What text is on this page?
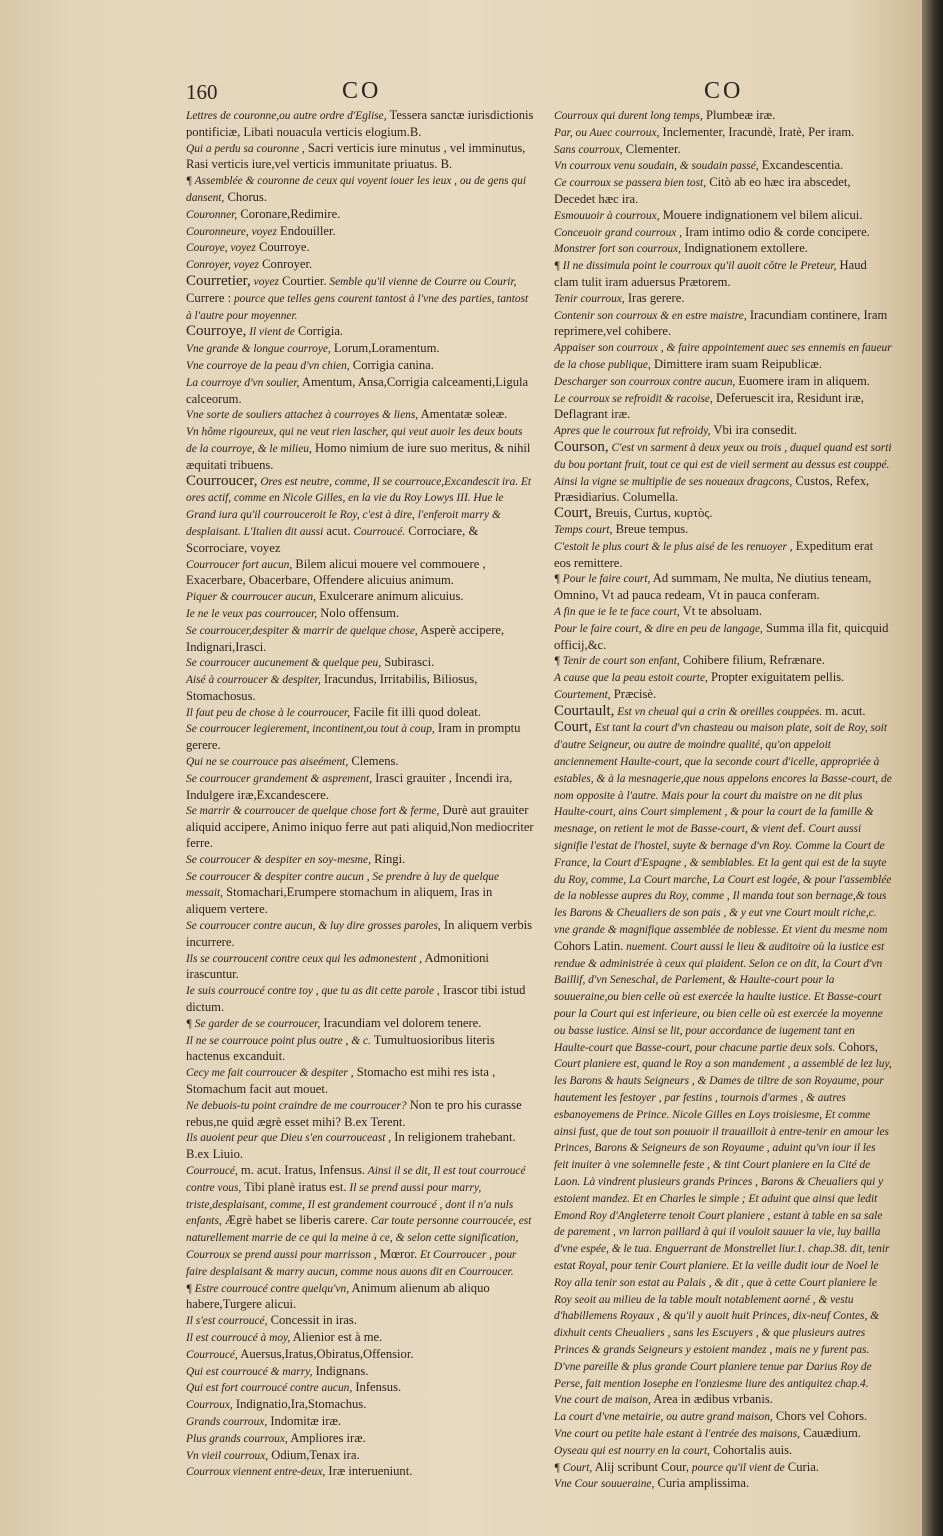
160	CO	CO

Lettres de couronne,ou autre ordre d'Eglise, Tessera sanctæ iurisdictionis pontificiæ, Libati nouacula verticis elogium.B.

Qui a perdu sa couronne , Sacri verticis iure minutus , vel imminutus, Rasi verticis iure,vel verticis immunitate priuatus. B.

¶ Assemblée & couronne de ceux qui voyent iouer les ieux , ou de gens qui dansent, Chorus.

Couronner, Coronare,Redimire.

Couronneure, voyez Endouiller.

Couroye, voyez Courroye.

Conroyer, voyez Conroyer.

Courretier, voyez Courtier. Semble qu'il vienne de Courre ou Courir, Currere : pource que telles gens courent tantost à l'vne des parties, tantost à l'autre pour moyenner.

Courroye, Il vient de Corrigia.

Vne grande & longue courroye, Lorum,Loramentum.

Vne courroye de la peau d'vn chien, Corrigia canina.

La courroye d'vn soulier, Amentum, Ansa,Corrigia calceamenti,Ligula calceorum.

Vne sorte de souliers attachez à courroyes & liens, Amentatæ soleæ.

Vn hôme rigoureux, qui ne veut rien lascher, qui veut auoir les deux bouts de la courroye, & le milieu, Homo nimium de iure suo meritus, & nihil æquitati tribuens.

Courroucer, Ores est neutre, comme, Il se courrouce,Excandescit ira. Et ores actif, comme en Nicole Gilles, en la vie du Roy Lowys III. Hue le Grand iura qu'il courrouceroit le Roy, c'est à dire, l'enferoit marry & desplaisant. L'Italien dit aussi acut. Courroucé. Corrociare, & Scorrociare, voyez

Courroucer fort aucun, Bilem alicui mouere vel commouere , Exacerbare, Obacerbare, Offendere alicuius animum.

Piquer & courroucer aucun, Exulcerare animum alicuius.

Ie ne le veux pas courroucer, Nolo offensum.

Se courroucer,despiter & marrir de quelque chose, Asperè accipere, Indignari,Irasci.

Se courroucer aucunement & quelque peu, Subirasci.

Aisé à courroucer & despiter, Iracundus, Irritabilis, Biliosus, Stomachosus.

Il faut peu de chose à le courroucer, Facile fit illi quod doleat.

Se courroucer legierement, incontinent,ou tout à coup, Iram in promptu gerere.

Qui ne se courrouce pas aiseément, Clemens.

Se courroucer grandement & asprement, Irasci grauiter , Incendi ira, Indulgere iræ,Excandescere.

Se marrir & courroucer de quelque chose fort & ferme, Durè aut grauiter aliquid accipere, Animo iniquo ferre aut pati aliquid,Non mediocriter ferre.

Se courroucer & despiter en soy-mesme, Ringi.

Se courroucer & despiter contre aucun , Se prendre à luy de quelque messait, Stomachari,Erumpere stomachum in aliquem, Iras in aliquem vertere.

Se courroucer contre aucun, & luy dire grosses paroles, In aliquem verbis incurrere.

Ils se courroucent contre ceux qui les admonestent , Admonitioni irascuntur.

Ie suis courroucé contre toy , que tu as dit cette parole , Irascor tibi istud dictum.

¶ Se garder de se courroucer, Iracundiam vel dolorem tenere.

Il ne se courrouce point plus outre , & c. Tumultuosioribus literis hactenus excanduit.

Cecy me fait courroucer & despiter , Stomacho est mihi res ista , Stomachum facit aut mouet.

Ne debuois-tu point craindre de me courroucer? Non te pro his curasse rebus,ne quid ægrè esset mihi? B.ex Terent.

Ils auoient peur que Dieu s'en courrouceast , In religionem trahebant. B.ex Liuio.

Courroucé, m. acut. Iratus, Infensus. Ainsi il se dit, Il est tout courroucé contre vous, Tibi planè iratus est. Il se prend aussi pour marry, triste,desplaisant, comme, Il est grandement courroucé , dont il n'a nuls enfants, Ægrè habet se liberis carere. Car toute personne courroucée, est naturellement marrie de ce qui la meine à ce, & selon cette signification, Courroux se prend aussi pour marrisson , Mœror. Et Courroucer , pour faire desplaisant & marry aucun, comme nous auons dit en Courroucer.

¶ Estre courroucé contre quelqu'vn, Animum alienum ab aliquo habere,Turgere alicui.

Il s'est courroucé, Concessit in iras.

Il est courroucé à moy, Alienior est à me.

Courroucé, Auersus,Iratus,Obiratus,Offensior.

Qui est courroucé & marry, Indignans.

Qui est fort courroucé contre aucun, Infensus.

Courroux, Indignatio,Ira,Stomachus.

Grands courroux, Indomitæ iræ.

Plus grands courroux, Ampliores iræ.

Vn vieil courroux, Odium,Tenax ira.

Courroux viennent entre-deux, Iræ interueniunt.

Courroux qui durent long temps, Plumbeæ iræ.

Par, ou Auec courroux, Inclementer, Iracundè, Iratè, Per iram.

Sans courroux, Clementer.

Vn courroux venu soudain, & soudain passé, Excandescentia.

Ce courroux se passera bien tost, Citò ab eo hæc ira abscedet, Decedet hæc ira.

Esmouuoir à courroux, Mouere indignationem vel bilem alicui.

Conceuoir grand courroux , Iram intimo odio & corde concipere.

Monstrer fort son courroux, Indignationem extollere.

¶ Il ne dissimula point le courroux qu'il auoit côtre le Preteur, Haud clam tulit iram aduersus Prætorem.

Tenir courroux, Iras gerere.

Contenir son courroux & en estre maistre, Iracundiam continere, Iram reprimere,vel cohibere.

Appaiser son courroux , & faire appointement auec ses ennemis en faueur de la chose publique, Dimittere iram suam Reipublicæ.

Descharger son courroux contre aucun, Euomere iram in aliquem.

Le courroux se refroidit & racoise, Deferuescit ira, Residunt iræ, Deflagrant iræ.

Apres que le courroux fut refroidy, Vbi ira consedit.

Courson, C'est vn sarment à deux yeux ou trois , duquel quand est sorti du bou portant fruit, tout ce qui est de vieil serment au dessus est couppé. Ainsi la vigne se multiplie de ses noueaux dragcons, Custos, Refex, Præsidiarius. Columella.

Court, Breuis, Curtus, κυρτὸς.

Temps court, Breue tempus.

C'estoit le plus court & le plus aisé de les renuoyer , Expeditum erat eos remittere.

¶ Pour le faire court, Ad summam, Ne multa, Ne diutius teneam, Omnino, Vt ad pauca redeam, Vt in pauca conferam.

A fin que ie le te face court, Vt te absoluam.

Pour le faire court, & dire en peu de langage, Summa illa fit, quicquid officij,&c.

¶ Tenir de court son enfant, Cohibere filium, Refrænare.

A cause que la peau estoit courte, Propter exiguitatem pellis.

Courtement, Præcisè.

Courtault, Est vn cheual qui a crin & oreilles couppées. m. acut.

Court, Est tant la court d'vn chasteau ou maison plate, soit de Roy, soit d'autre Seigneur, ou autre de moindre qualité, qu'on appeloit anciennement Haulte-court, que la seconde court d'icelle, appropriée à estables, & à la mesnagerie,que nous appelons encores la Basse-court, de nom opposite à l'autre. Mais pour la court du maistre on ne dit plus Haulte-court, ains Court simplement , & pour la court de la famille & mesnage, on retient le mot de Basse-court, & vient def. Court aussi signifie l'estat de l'hostel, suyte & bernage d'vn Roy. Comme la Court de France, la Court d'Espagne , & semblables. Et la gent qui est de la suyte du Roy, comme, La Court marche, La Court est logée, & pour l'assemblée de la noblesse aupres du Roy, comme , Il manda tout son bernage,& tous les Barons & Cheualiers de son pais , & y eut vne Court moult riche,c. vne grande & magnifique assemblée de noblesse. Et vient du mesme nom Cohors Latin. nuement. Court aussi le lieu & auditoire où la iustice est rendue & administrée à ceux qui plaident. Selon ce on dit, la Court d'vn Baillif, d'vn Seneschal, de Parlement, & Haulte-court pour la souueraine,ou bien celle où est exercée la haulte iustice. Et Basse-court pour la Court qui est inferieure, ou bien celle où est exercée la moyenne ou basse iustice. Ainsi se lit, pour accordance de iugement tant en Haulte-court que Basse-court, pour chacune partie deux sols. Cohors,

Court planiere est, quand le Roy a son mandement , a assemblé de lez luy, les Barons & hauts Seigneurs , & Dames de tiltre de son Royaume, pour hautement les festoyer , par festins , tournois d'armes , & autres esbanoyemens de Prince. Nicole Gilles en Loys troisiesme, Et comme ainsi fust, que de tout son pouuoir il trauailloit à entre-tenir en amour les Princes, Barons & Seigneurs de son Royaume , aduint qu'vn iour il les feit inuiter à vne solemnelle feste , & tint Court planiere en la Cité de Laon. Là vindrent plusieurs grands Princes , Barons & Cheualiers qui y estoient mandez. Et en Charles le simple ; Et aduint que ainsi que ledit Emond Roy d'Angleterre tenoit Court planiere , estant à table en sa sale de parement , vn larron paillard à qui il vouloit sauuer la vie, luy bailla d'vne espée, & le tua. Enguerrant de Monstrellet liur.1. chap.38. dit, tenir estat Royal, pour tenir Court planiere. Et la veille dudit iour de Noel le Roy alla tenir son estat au Palais , & dit , que à cette Court planiere le Roy seoit au milieu de la table moult notablement aorné , & vestu d'habillemens Royaux , & qu'il y auoit huit Princes, dix-neuf Contes, & dixhuit cents Cheualiers , sans les Escuyers , & que plusieurs autres Princes & grands Seigneurs y estoient mandez , mais ne y furent pas. D'vne pareille & plus grande Court planiere tenue par Darius Roy de Perse, fait mention Iosephe en l'onziesme liure des antiquitez chap.4.

Vne court de maison, Area in ædibus vrbanis.

La court d'vne metairie, ou autre grand maison, Chors vel Cohors.

Vne court ou petite hale estant à l'entrée des maisons, Cauædium.

Oyseau qui est nourry en la court, Cohortalis auis.

¶ Court, Alij scribunt Cour, pource qu'il vient de Curia.

Vne Cour souueraine, Curia amplissima.
